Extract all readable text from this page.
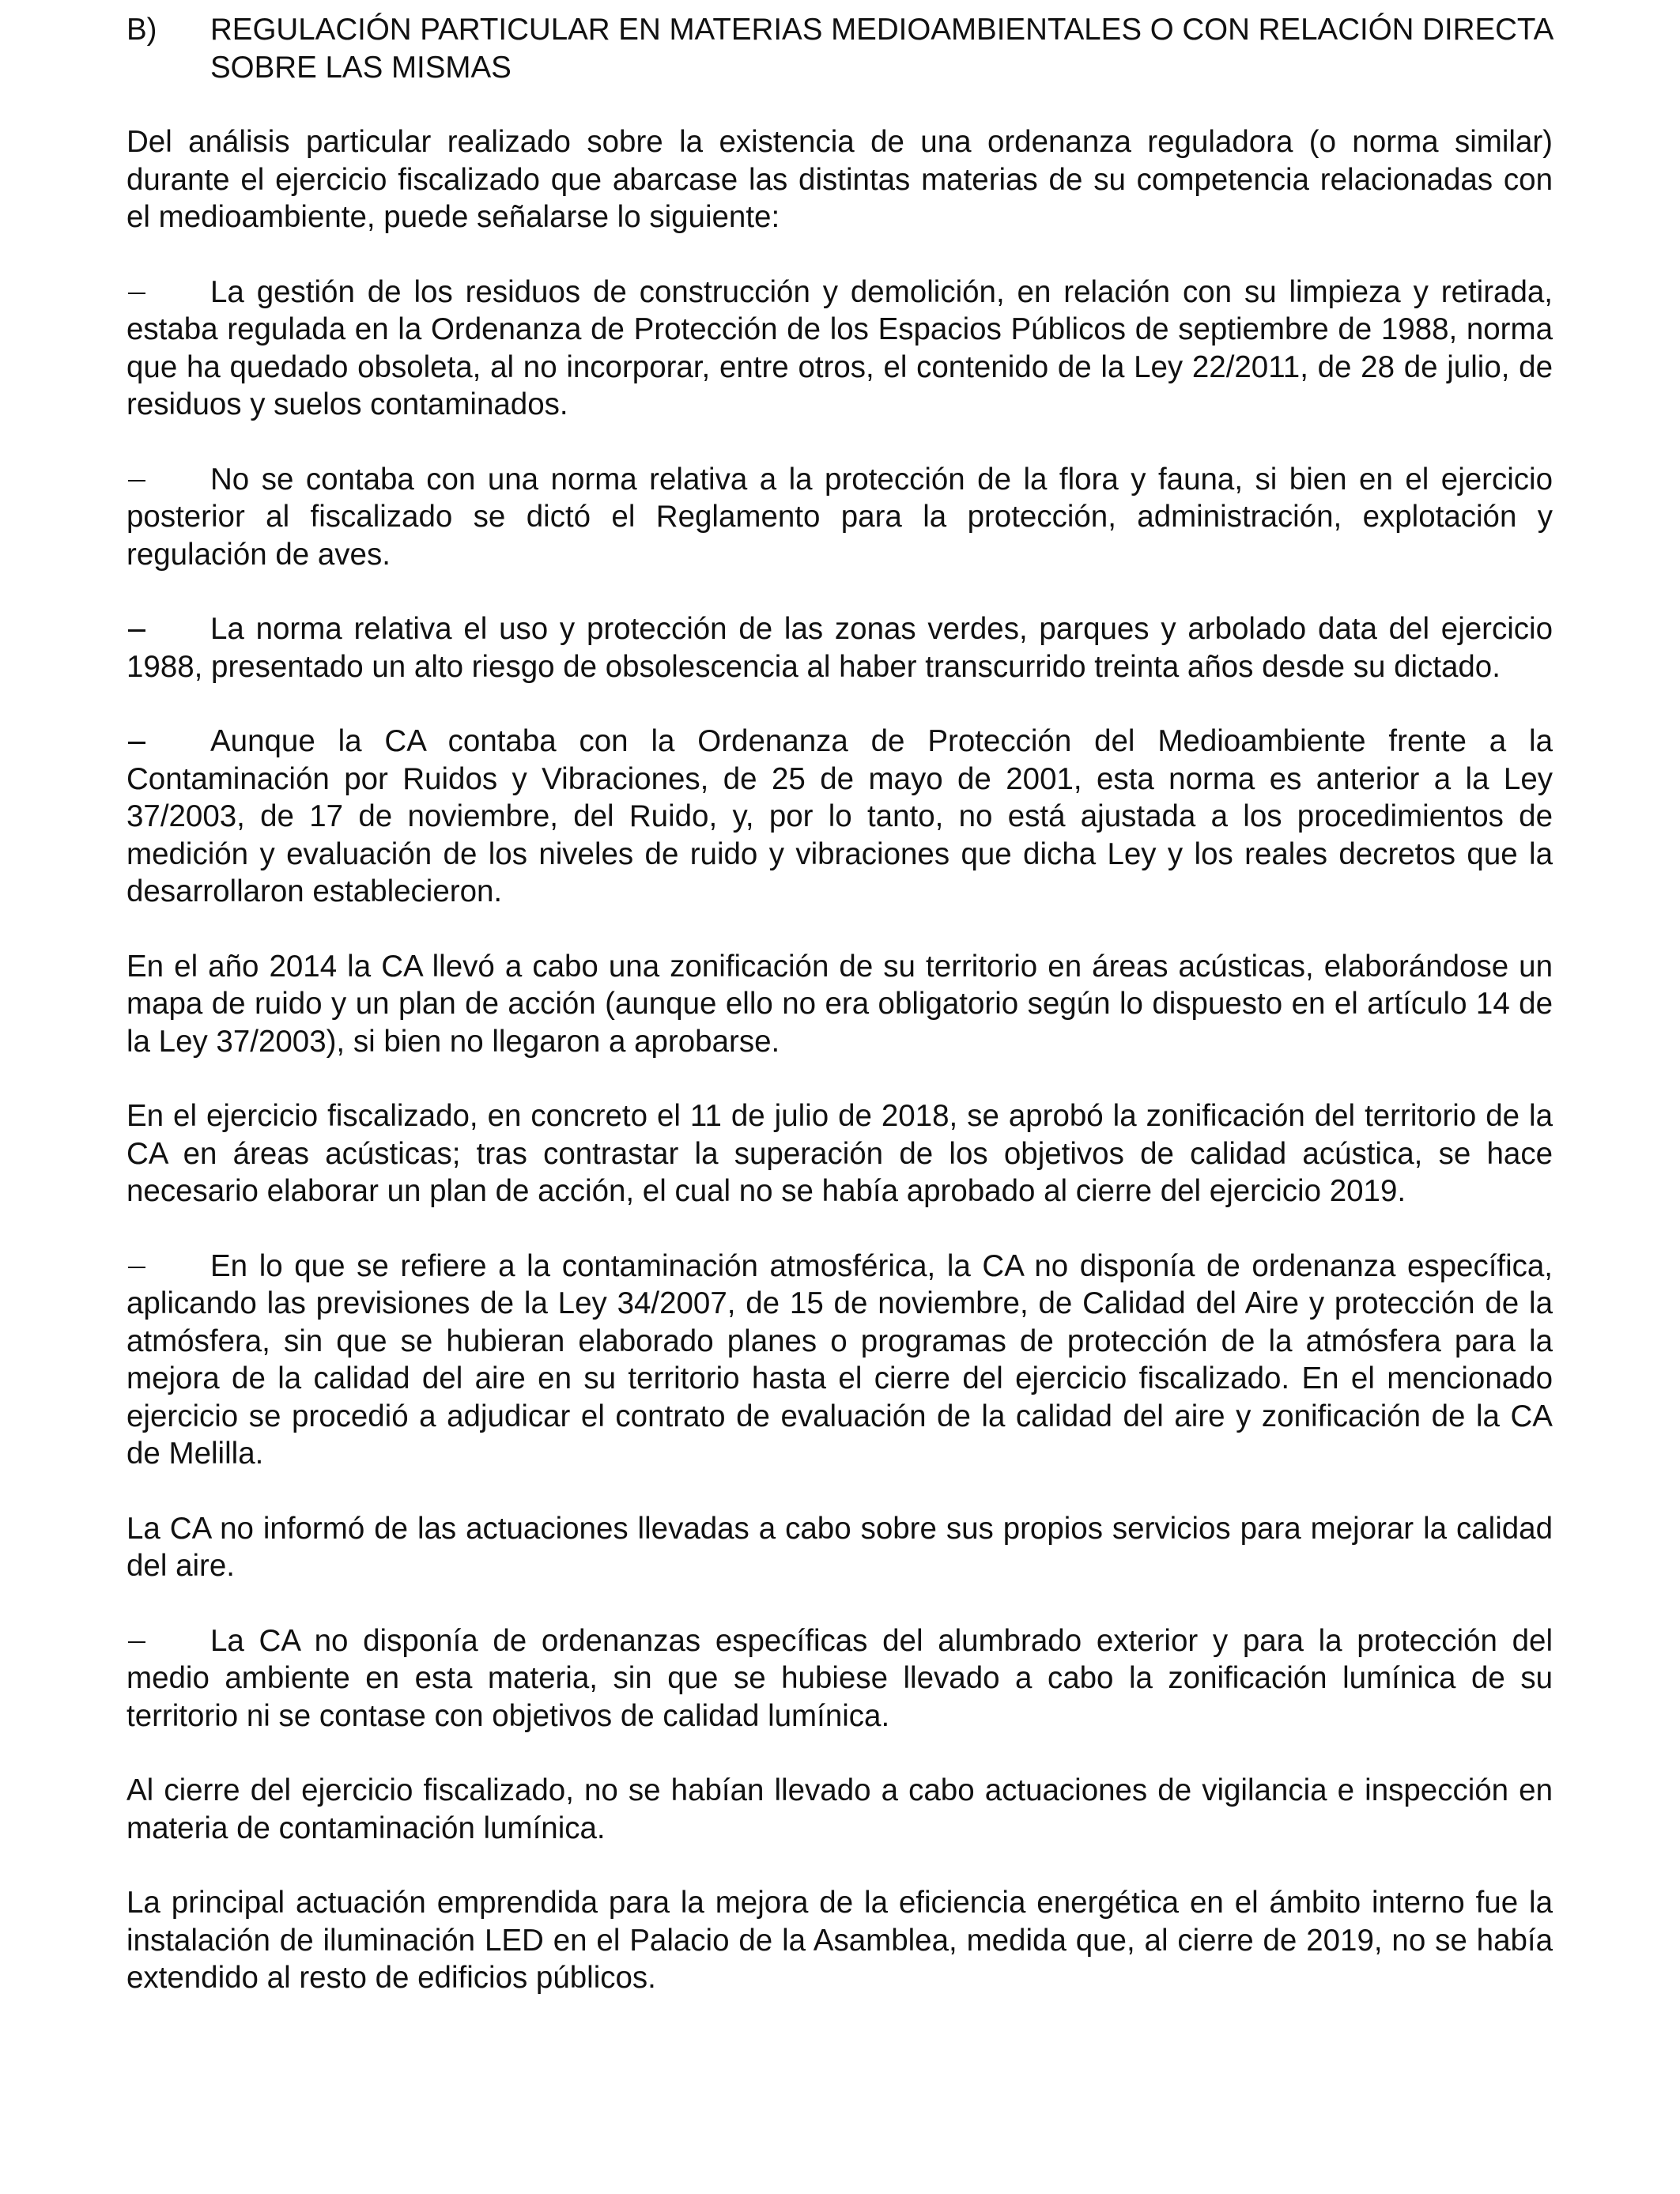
B)	REGULACIÓN PARTICULAR EN MATERIAS MEDIOAMBIENTALES O CON RELACIÓN DIRECTA SOBRE LAS MISMAS

Del análisis particular realizado sobre la existencia de una ordenanza reguladora (o norma similar) durante el ejercicio fiscalizado que abarcase las distintas materias de su competencia relacionadas con el medioambiente, puede señalarse lo siguiente:

La gestión de los residuos de construcción y demolición, en relación con su limpieza y retirada, estaba regulada en la Ordenanza de Protección de los Espacios Públicos de septiembre de 1988, norma que ha quedado obsoleta, al no incorporar, entre otros, el contenido de la Ley 22/2011, de 28 de julio, de residuos y suelos contaminados.

No se contaba con una norma relativa a la protección de la flora y fauna, si bien en el ejercicio posterior al fiscalizado se dictó el Reglamento para la protección, administración, explotación y regulación de aves.

La norma relativa el uso y protección de las zonas verdes, parques y arbolado data del ejercicio 1988, presentado un alto riesgo de obsolescencia al haber transcurrido treinta años desde su dictado.

Aunque la CA contaba con la Ordenanza de Protección del Medioambiente frente a la Contaminación por Ruidos y Vibraciones, de 25 de mayo de 2001, esta norma es anterior a la Ley 37/2003, de 17 de noviembre, del Ruido, y, por lo tanto, no está ajustada a los procedimientos de medición y evaluación de los niveles de ruido y vibraciones que dicha Ley y los reales decretos que la desarrollaron establecieron.

En el año 2014 la CA llevó a cabo una zonificación de su territorio en áreas acústicas, elaborándose un mapa de ruido y un plan de acción (aunque ello no era obligatorio según lo dispuesto en el artículo 14 de la Ley 37/2003), si bien no llegaron a aprobarse.

En el ejercicio fiscalizado, en concreto el 11 de julio de 2018, se aprobó la zonificación del territorio de la CA en áreas acústicas; tras contrastar la superación de los objetivos de calidad acústica, se hace necesario elaborar un plan de acción, el cual no se había aprobado al cierre del ejercicio 2019.

En lo que se refiere a la contaminación atmosférica, la CA no disponía de ordenanza específica, aplicando las previsiones de la Ley 34/2007, de 15 de noviembre, de Calidad del Aire y protección de la atmósfera, sin que se hubieran elaborado planes o programas de protección de la atmósfera para la mejora de la calidad del aire en su territorio hasta el cierre del ejercicio fiscalizado. En el mencionado ejercicio se procedió a adjudicar el contrato de evaluación de la calidad del aire y zonificación de la CA de Melilla.

La CA no informó de las actuaciones llevadas a cabo sobre sus propios servicios para mejorar la calidad del aire.

La CA no disponía de ordenanzas específicas del alumbrado exterior y para la protección del medio ambiente en esta materia, sin que se hubiese llevado a cabo la zonificación lumínica de su territorio ni se contase con objetivos de calidad lumínica.

Al cierre del ejercicio fiscalizado, no se habían llevado a cabo actuaciones de vigilancia e inspección en materia de contaminación lumínica.

La principal actuación emprendida para la mejora de la eficiencia energética en el ámbito interno fue la instalación de iluminación LED en el Palacio de la Asamblea, medida que, al cierre de 2019, no se había extendido al resto de edificios públicos.
